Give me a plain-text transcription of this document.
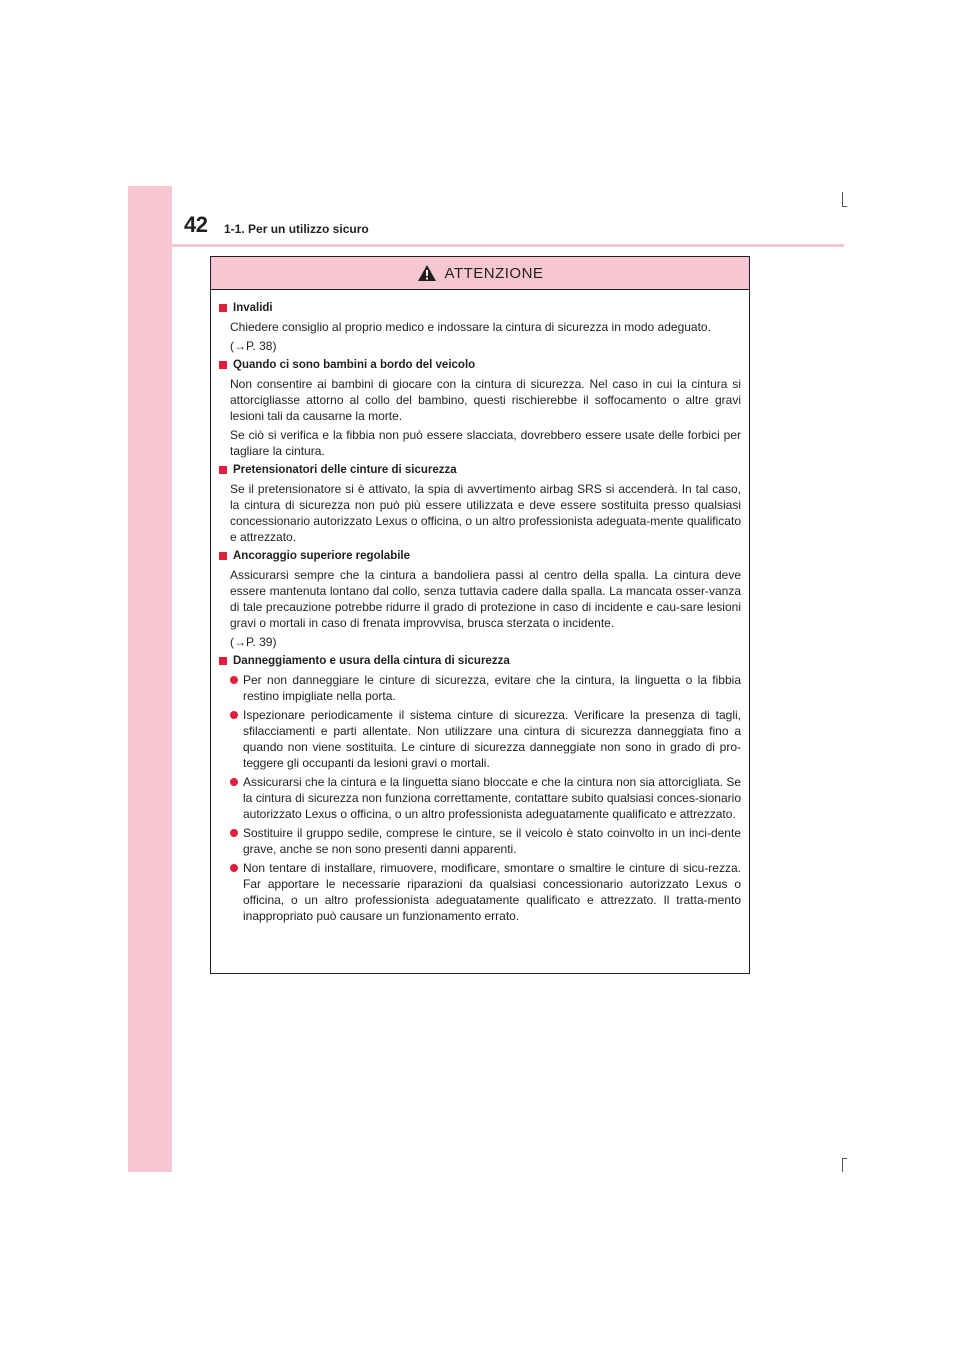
42 1-1. Per un utilizzo sicuro
ATTENZIONE
Invalidi
Chiedere consiglio al proprio medico e indossare la cintura di sicurezza in modo adeguato.
(→P. 38)
Quando ci sono bambini a bordo del veicolo
Non consentire ai bambini di giocare con la cintura di sicurezza. Nel caso in cui la cintura si attorcigliasse attorno al collo del bambino, questi rischierebbe il soffocamento o altre gravi lesioni tali da causarne la morte.
Se ciò si verifica e la fibbia non può essere slacciata, dovrebbero essere usate delle forbici per tagliare la cintura.
Pretensionatori delle cinture di sicurezza
Se il pretensionatore si è attivato, la spia di avvertimento airbag SRS si accenderà. In tal caso, la cintura di sicurezza non può più essere utilizzata e deve essere sostituita presso qualsiasi concessionario autorizzato Lexus o officina, o un altro professionista adeguata-mente qualificato e attrezzato.
Ancoraggio superiore regolabile
Assicurarsi sempre che la cintura a bandoliera passi al centro della spalla. La cintura deve essere mantenuta lontano dal collo, senza tuttavia cadere dalla spalla. La mancata osser-vanza di tale precauzione potrebbe ridurre il grado di protezione in caso di incidente e cau-sare lesioni gravi o mortali in caso di frenata improvvisa, brusca sterzata o incidente.
(→P. 39)
Danneggiamento e usura della cintura di sicurezza
Per non danneggiare le cinture di sicurezza, evitare che la cintura, la linguetta o la fibbia restino impigliate nella porta.
Ispezionare periodicamente il sistema cinture di sicurezza. Verificare la presenza di tagli, sfilacciamenti e parti allentate. Non utilizzare una cintura di sicurezza danneggiata fino a quando non viene sostituita. Le cinture di sicurezza danneggiate non sono in grado di pro-teggere gli occupanti da lesioni gravi o mortali.
Assicurarsi che la cintura e la linguetta siano bloccate e che la cintura non sia attorcigliata. Se la cintura di sicurezza non funziona correttamente, contattare subito qualsiasi conces-sionario autorizzato Lexus o officina, o un altro professionista adeguatamente qualificato e attrezzato.
Sostituire il gruppo sedile, comprese le cinture, se il veicolo è stato coinvolto in un inci-dente grave, anche se non sono presenti danni apparenti.
Non tentare di installare, rimuovere, modificare, smontare o smaltire le cinture di sicu-rezza. Far apportare le necessarie riparazioni da qualsiasi concessionario autorizzato Lexus o officina, o un altro professionista adeguatamente qualificato e attrezzato. Il tratta-mento inappropriato può causare un funzionamento errato.
